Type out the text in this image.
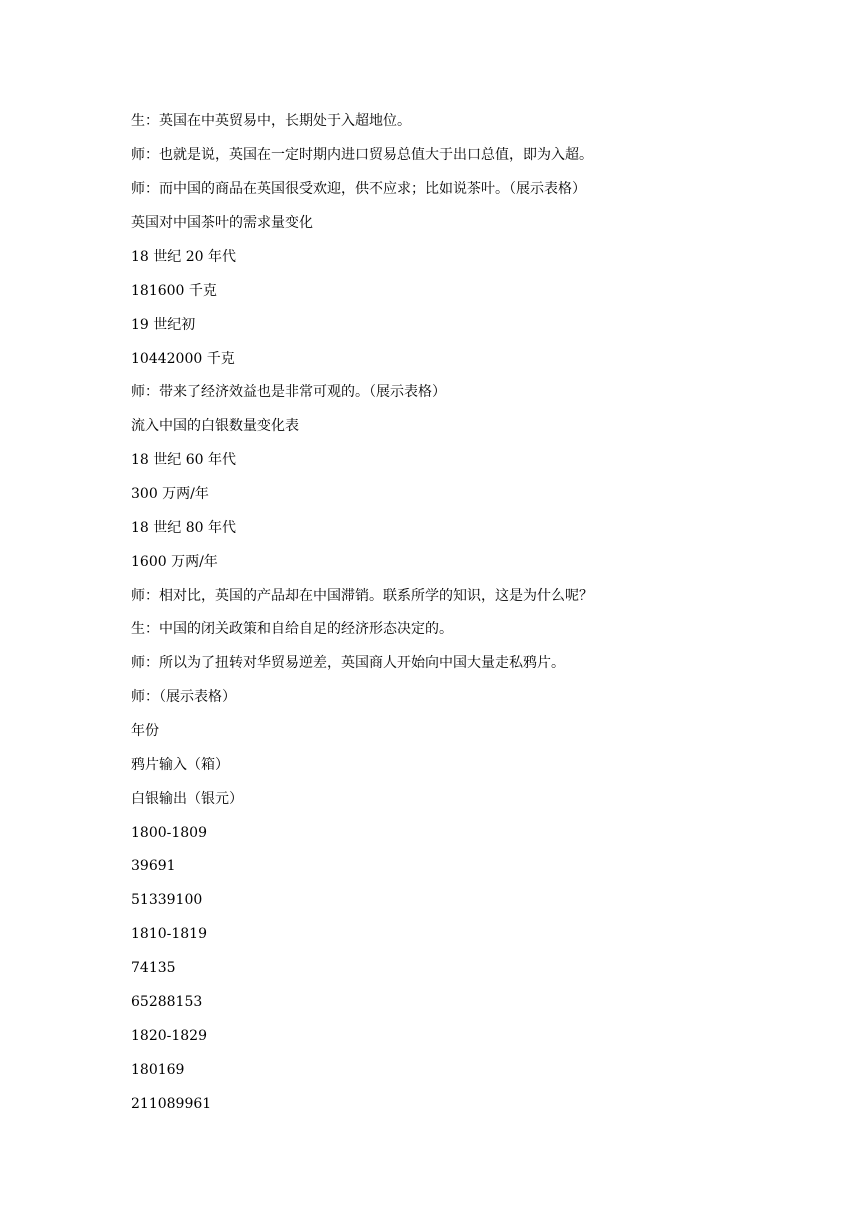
生：英国在中英贸易中，长期处于入超地位。
师：也就是说，英国在一定时期内进口贸易总值大于出口总值，即为入超。
师：而中国的商品在英国很受欢迎，供不应求；比如说茶叶。（展示表格）
英国对中国茶叶的需求量变化
18 世纪 20 年代
181600 千克
19 世纪初
10442000 千克
师：带来了经济效益也是非常可观的。（展示表格）
流入中国的白银数量变化表
18 世纪 60 年代
300 万两/年
18 世纪 80 年代
1600 万两/年
师：相对比，英国的产品却在中国滞销。联系所学的知识，这是为什么呢？
生：中国的闭关政策和自给自足的经济形态决定的。
师：所以为了扭转对华贸易逆差，英国商人开始向中国大量走私鸦片。
师：（展示表格）
年份
鸦片输入（箱）
白银输出（银元）
1800-1809
39691
51339100
1810-1819
74135
65288153
1820-1829
180169
211089961
